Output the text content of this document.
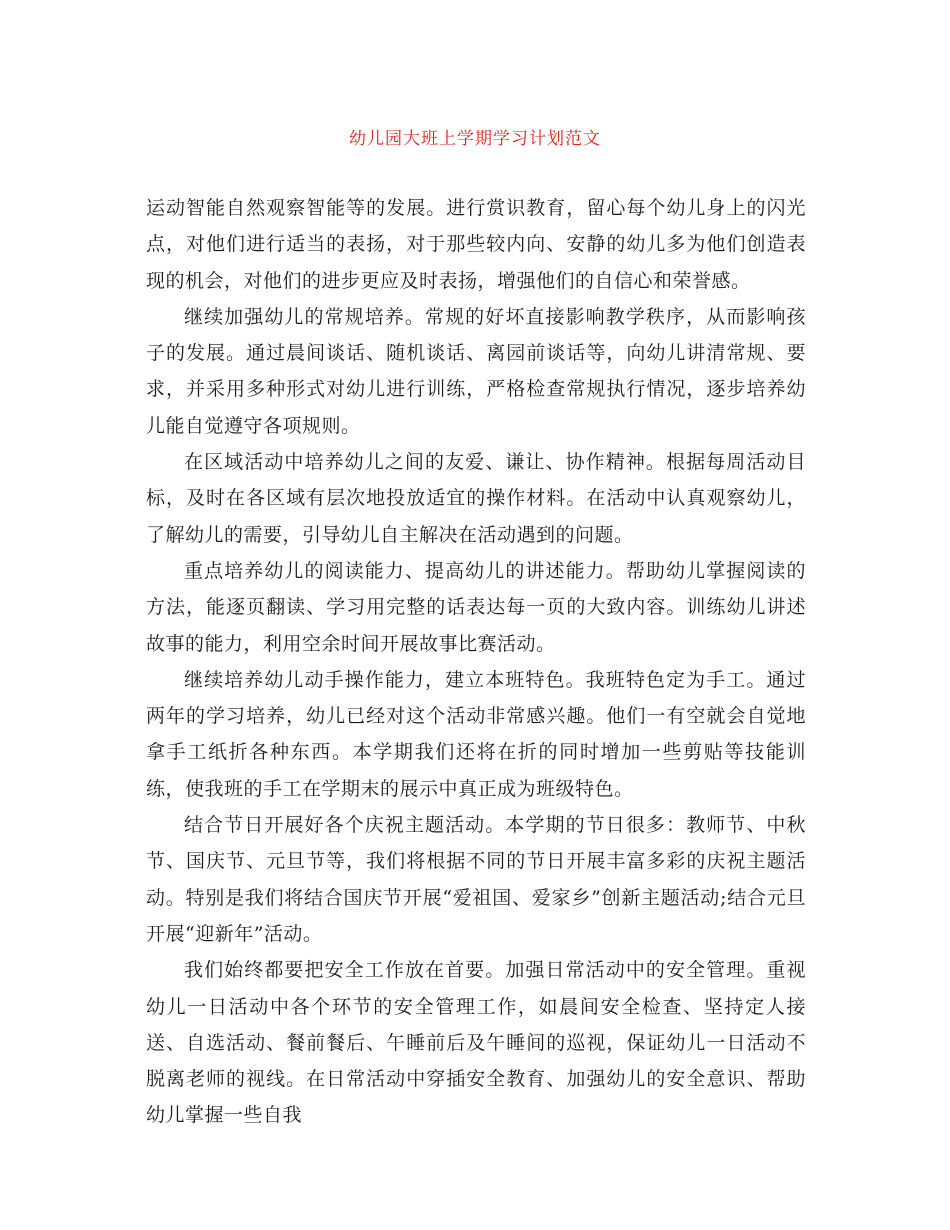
幼儿园大班上学期学习计划范文

运动智能自然观察智能等的发展。进行赏识教育，留心每个幼儿身上的闪光点，对他们进行适当的表扬，对于那些较内向、安静的幼儿多为他们创造表现的机会，对他们的进步更应及时表扬，增强他们的自信心和荣誉感。

继续加强幼儿的常规培养。常规的好坏直接影响教学秩序，从而影响孩子的发展。通过晨间谈话、随机谈话、离园前谈话等，向幼儿讲清常规、要求，并采用多种形式对幼儿进行训练，严格检查常规执行情况，逐步培养幼儿能自觉遵守各项规则。

在区域活动中培养幼儿之间的友爱、谦让、协作精神。根据每周活动目标，及时在各区域有层次地投放适宜的操作材料。在活动中认真观察幼儿，了解幼儿的需要，引导幼儿自主解决在活动遇到的问题。

重点培养幼儿的阅读能力、提高幼儿的讲述能力。帮助幼儿掌握阅读的方法，能逐页翻读、学习用完整的话表达每一页的大致内容。训练幼儿讲述故事的能力，利用空余时间开展故事比赛活动。

继续培养幼儿动手操作能力，建立本班特色。我班特色定为手工。通过两年的学习培养，幼儿已经对这个活动非常感兴趣。他们一有空就会自觉地拿手工纸折各种东西。本学期我们还将在折的同时增加一些剪贴等技能训练，使我班的手工在学期末的展示中真正成为班级特色。

结合节日开展好各个庆祝主题活动。本学期的节日很多：教师节、中秋节、国庆节、元旦节等，我们将根据不同的节日开展丰富多彩的庆祝主题活动。特别是我们将结合国庆节开展“爱祖国、爱家乡”创新主题活动;结合元旦开展“迎新年”活动。

我们始终都要把安全工作放在首要。加强日常活动中的安全管理。重视幼儿一日活动中各个环节的安全管理工作，如晨间安全检查、坚持定人接送、自选活动、餐前餐后、午睡前后及午睡间的巡视，保证幼儿一日活动不脱离老师的视线。在日常活动中穿插安全教育、加强幼儿的安全意识、帮助幼儿掌握一些自我
